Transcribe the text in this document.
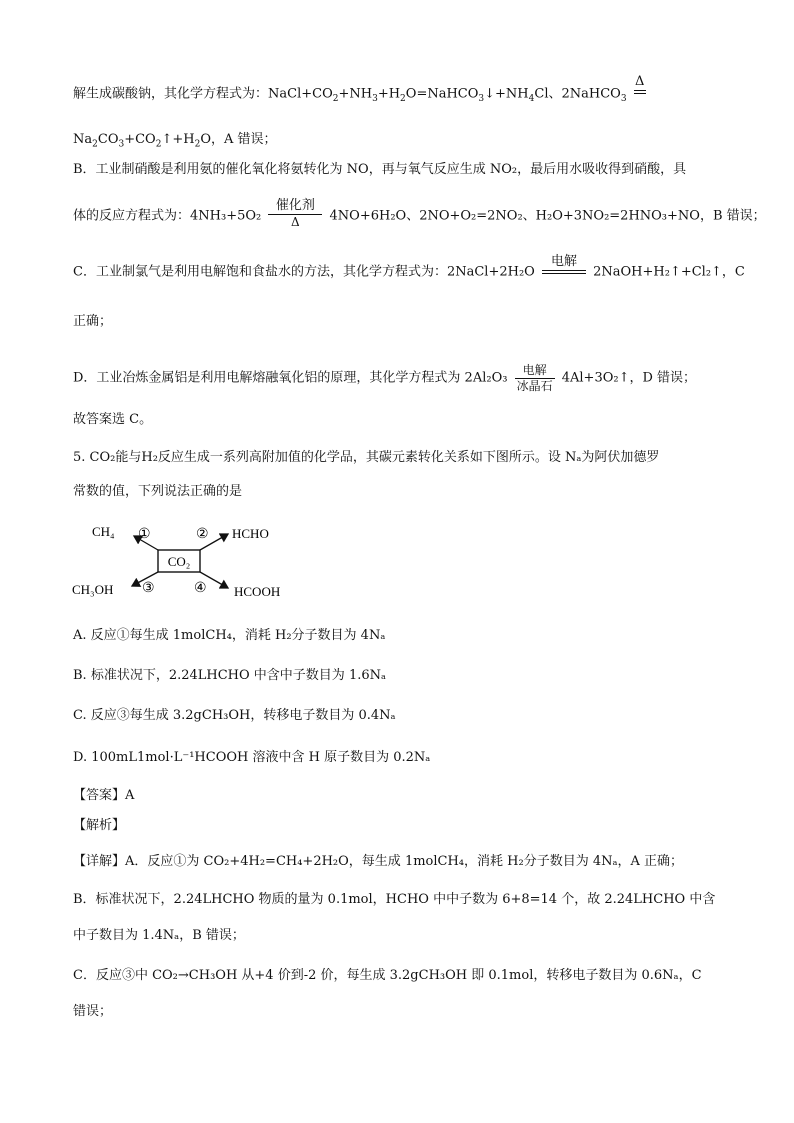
解生成碳酸钠，其化学方程式为：$NaCl+CO_2+NH_3+H_2O=NaHCO_3↓+NH_4Cl$、2NaHCO$_3$
Δ
$Na_2CO_3+CO_2↑+H_2O$，A 错误；
B．工业制硝酸是利用氨的催化氧化将氨转化为 NO，再与氧气反应生成 NO₂，最后用水吸收得到硝酸，具
体的反应方程式为：4NH₃+5O₂
催化剂
Δ	4NO+6H₂O、2NO+O₂=2NO₂、H₂O+3NO₂=2HNO₃+NO，B 错误；
C．工业制氯气是利用电解饱和食盐水的方法，其化学方程式为：2NaCl+2H₂O
电解
2NaOH+H₂↑+Cl₂↑，C
正确；
D．工业冶炼金属铝是利用电解熔融氧化铝的原理，其化学方程式为 2Al₂O₃
电解
冰晶石
4Al+3O₂↑，D 错误；
故答案选 C。
5. CO₂能与H₂反应生成一系列高附加值的化学品，其碳元素转化关系如下图所示。设 Nₐ为阿伏加德罗
常数的值，下列说法正确的是
CO₂
CH₄ ①	② HCHO
CH₃OH ③	④ HCOOH
A. 反应①每生成 1molCH₄，消耗 H₂分子数目为 4Nₐ
B. 标准状况下，2.24LHCHO 中含中子数目为 1.6Nₐ
C. 反应③每生成 3.2gCH₃OH，转移电子数目为 0.4Nₐ
D. 100mL1mol·L⁻¹HCOOH 溶液中含 H 原子数目为 0.2Nₐ
【答案】A
【解析】
【详解】A．反应①为 CO₂+4H₂=CH₄+2H₂O，每生成 1molCH₄，消耗 H₂分子数目为 4Nₐ，A 正确；
B．标准状况下，2.24LHCHO 物质的量为 0.1mol，HCHO 中中子数为 6+8=14 个，故 2.24LHCHO 中含
中子数目为 1.4Nₐ，B 错误；
C．反应③中 CO₂→CH₃OH 从+4 价到-2 价，每生成 3.2gCH₃OH 即 0.1mol，转移电子数目为 0.6Nₐ，C
错误；
